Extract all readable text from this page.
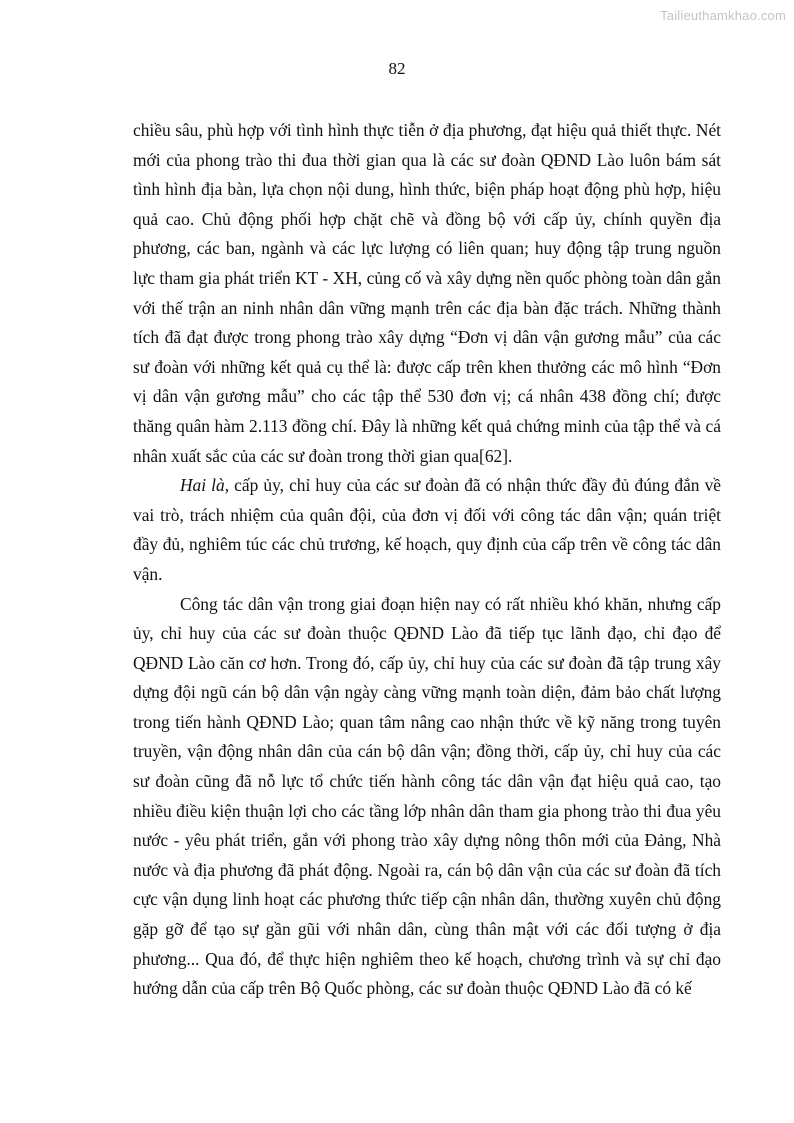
Tailieuthamkhao.com
82

chiều sâu, phù hợp với tình hình thực tiễn ở địa phương, đạt hiệu quả thiết thực. Nét mới của phong trào thi đua thời gian qua là các sư đoàn QĐND Lào luôn bám sát tình hình địa bàn, lựa chọn nội dung, hình thức, biện pháp hoạt động phù hợp, hiệu quả cao. Chủ động phối hợp chặt chẽ và đồng bộ với cấp ủy, chính quyền địa phương, các ban, ngành và các lực lượng có liên quan; huy động tập trung nguồn lực tham gia phát triển KT - XH, củng cố và xây dựng nền quốc phòng toàn dân gắn với thế trận an ninh nhân dân vững mạnh trên các địa bàn đặc trách. Những thành tích đã đạt được trong phong trào xây dựng “Đơn vị dân vận gương mẫu” của các sư đoàn với những kết quả cụ thể là: được cấp trên khen thưởng các mô hình “Đơn vị dân vận gương mẫu” cho các tập thể 530 đơn vị; cá nhân 438 đồng chí; được thăng quân hàm 2.113 đồng chí. Đây là những kết quả chứng minh của tập thể và cá nhân xuất sắc của các sư đoàn trong thời gian qua[62].

Hai là, cấp ủy, chỉ huy của các sư đoàn đã có nhận thức đầy đủ đúng đắn về vai trò, trách nhiệm của quân đội, của đơn vị đối với công tác dân vận; quán triệt đầy đủ, nghiêm túc các chủ trương, kế hoạch, quy định của cấp trên về công tác dân vận.

Công tác dân vận trong giai đoạn hiện nay có rất nhiều khó khăn, nhưng cấp ủy, chỉ huy của các sư đoàn thuộc QĐND Lào đã tiếp tục lãnh đạo, chỉ đạo để QĐND Lào căn cơ hơn. Trong đó, cấp ủy, chỉ huy của các sư đoàn đã tập trung xây dựng đội ngũ cán bộ dân vận ngày càng vững mạnh toàn diện, đảm bảo chất lượng trong tiến hành QĐND Lào; quan tâm nâng cao nhận thức về kỹ năng trong tuyên truyền, vận động nhân dân của cán bộ dân vận; đồng thời, cấp ủy, chỉ huy của các sư đoàn cũng đã nỗ lực tổ chức tiến hành công tác dân vận đạt hiệu quả cao, tạo nhiều điều kiện thuận lợi cho các tầng lớp nhân dân tham gia phong trào thi đua yêu nước - yêu phát triển, gắn với phong trào xây dựng nông thôn mới của Đảng, Nhà nước và địa phương đã phát động. Ngoài ra, cán bộ dân vận của các sư đoàn đã tích cực vận dụng linh hoạt các phương thức tiếp cận nhân dân, thường xuyên chủ động gặp gỡ để tạo sự gần gũi với nhân dân, cùng thân mật với các đối tượng ở địa phương... Qua đó, để thực hiện nghiêm theo kế hoạch, chương trình và sự chỉ đạo hướng dẫn của cấp trên Bộ Quốc phòng, các sư đoàn thuộc QĐND Lào đã có kế
